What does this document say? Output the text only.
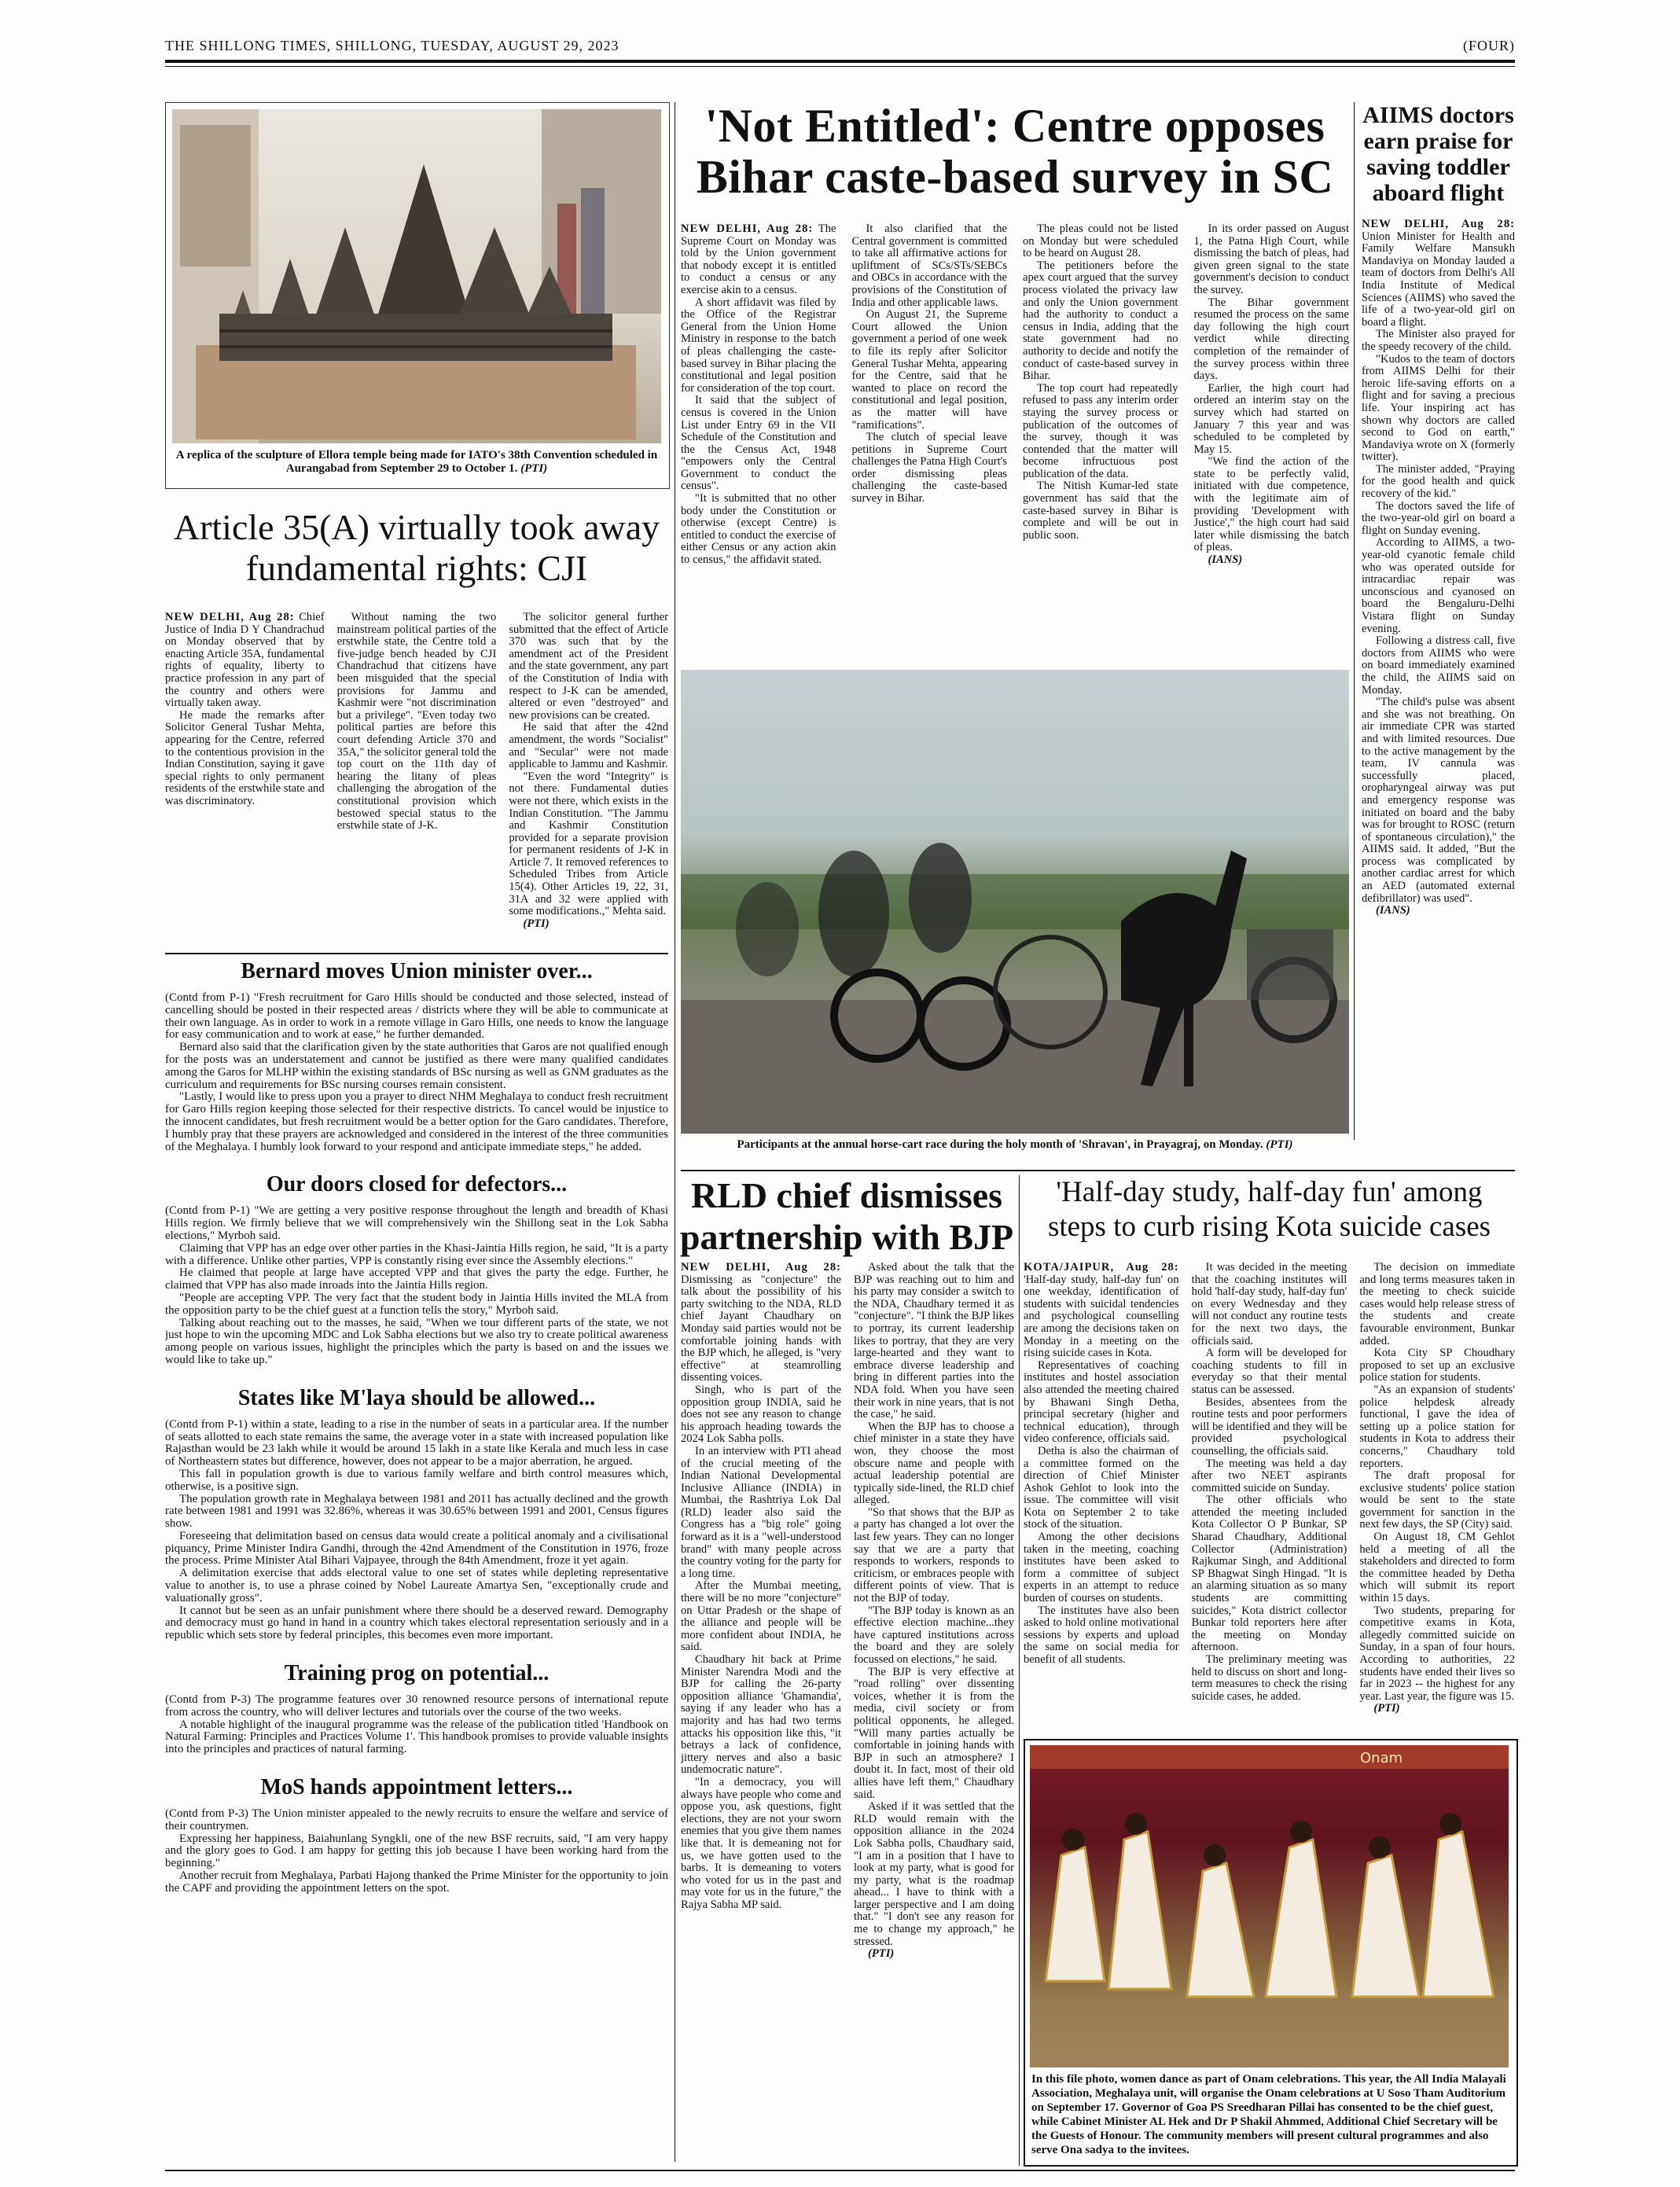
THE SHILLONG TIMES, SHILLONG, TUESDAY, AUGUST 29, 2023	(FOUR)
A replica of the sculpture of Ellora temple being made for IATO's 38th Convention scheduled in Aurangabad from September 29 to October 1. (PTI)
Article 35(A) virtually took away fundamental rights: CJI

NEW DELHI, Aug 28: Chief Justice of India D Y Chandrachud on Monday observed that by enacting Article 35A, fundamental rights of equality, liberty to practice profession in any part of the country and others were virtually taken away.

He made the remarks after Solicitor General Tushar Mehta, appearing for the Centre, referred to the contentious provision in the Indian Constitution, saying it gave special rights to only permanent residents of the erstwhile state and was discriminatory.

Without naming the two mainstream political parties of the erstwhile state, the Centre told a five-judge bench headed by CJI Chandrachud that citizens have been misguided that the special provisions for Jammu and Kashmir were "not discrimination but a privilege". "Even today two political parties are before this court defending Article 370 and 35A," the solicitor general told the top court on the 11th day of hearing the litany of pleas challenging the abrogation of the constitutional provision which bestowed special status to the erstwhile state of J-K.

The solicitor general further submitted that the effect of Article 370 was such that by the amendment act of the President and the state government, any part of the Constitution of India with respect to J-K can be amended, altered or even "destroyed" and new provisions can be created.

He said that after the 42nd amendment, the words "Socialist" and "Secular" were not made applicable to Jammu and Kashmir.

"Even the word "Integrity" is not there. Fundamental duties were not there, which exists in the Indian Constitution. "The Jammu and Kashmir Constitution provided for a separate provision for permanent residents of J-K in Article 7. It removed references to Scheduled Tribes from Article 15(4). Other Articles 19, 22, 31, 31A and 32 were applied with some modifications.," Mehta said.

(PTI)

Bernard moves Union minister over...

(Contd from P-1) "Fresh recruitment for Garo Hills should be conducted and those selected, instead of cancelling should be posted in their respected areas / districts where they will be able to communicate at their own language. As in order to work in a remote village in Garo Hills, one needs to know the language for easy communication and to work at ease," he further demanded.

Bernard also said that the clarification given by the state authorities that Garos are not qualified enough for the posts was an understatement and cannot be justified as there were many qualified candidates among the Garos for MLHP within the existing standards of BSc nursing as well as GNM graduates as the curriculum and requirements for BSc nursing courses remain consistent.

"Lastly, I would like to press upon you a prayer to direct NHM Meghalaya to conduct fresh recruitment for Garo Hills region keeping those selected for their respective districts. To cancel would be injustice to the innocent candidates, but fresh recruitment would be a better option for the Garo candidates. Therefore, I humbly pray that these prayers are acknowledged and considered in the interest of the three communities of the Meghalaya. I humbly look forward to your respond and anticipate immediate steps," he added.

Our doors closed for defectors...

(Contd from P-1) "We are getting a very positive response throughout the length and breadth of Khasi Hills region. We firmly believe that we will comprehensively win the Shillong seat in the Lok Sabha elections," Myrboh said.

Claiming that VPP has an edge over other parties in the Khasi-Jaintia Hills region, he said, "It is a party with a difference. Unlike other parties, VPP is constantly rising ever since the Assembly elections."

He claimed that people at large have accepted VPP and that gives the party the edge. Further, he claimed that VPP has also made inroads into the Jaintia Hills region.

"People are accepting VPP. The very fact that the student body in Jaintia Hills invited the MLA from the opposition party to be the chief guest at a function tells the story," Myrboh said.

Talking about reaching out to the masses, he said, "When we tour different parts of the state, we not just hope to win the upcoming MDC and Lok Sabha elections but we also try to create political awareness among people on various issues, highlight the principles which the party is based on and the issues we would like to take up."

States like M'laya should be allowed...

(Contd from P-1) within a state, leading to a rise in the number of seats in a particular area. If the number of seats allotted to each state remains the same, the average voter in a state with increased population like Rajasthan would be 23 lakh while it would be around 15 lakh in a state like Kerala and much less in case of Northeastern states but difference, however, does not appear to be a major aberration, he argued.

This fall in population growth is due to various family welfare and birth control measures which, otherwise, is a positive sign.

The population growth rate in Meghalaya between 1981 and 2011 has actually declined and the growth rate between 1981 and 1991 was 32.86%, whereas it was 30.65% between 1991 and 2001, Census figures show.

Foreseeing that delimitation based on census data would create a political anomaly and a civilisational piquancy, Prime Minister Indira Gandhi, through the 42nd Amendment of the Constitution in 1976, froze the process. Prime Minister Atal Bihari Vajpayee, through the 84th Amendment, froze it yet again.

A delimitation exercise that adds electoral value to one set of states while depleting representative value to another is, to use a phrase coined by Nobel Laureate Amartya Sen, "exceptionally crude and valuationally gross".

It cannot but be seen as an unfair punishment where there should be a deserved reward. Demography and democracy must go hand in hand in a country which takes electoral representation seriously and in a republic which sets store by federal principles, this becomes even more important.

Training prog on potential...

(Contd from P-3) The programme features over 30 renowned resource persons of international repute from across the country, who will deliver lectures and tutorials over the course of the two weeks.

A notable highlight of the inaugural programme was the release of the publication titled 'Handbook on Natural Farming: Principles and Practices Volume 1'. This handbook promises to provide valuable insights into the principles and practices of natural farming.

MoS hands appointment letters...

(Contd from P-3) The Union minister appealed to the newly recruits to ensure the welfare and service of their countrymen.

Expressing her happiness, Baiahunlang Syngkli, one of the new BSF recruits, said, "I am very happy and the glory goes to God. I am happy for getting this job because I have been working hard from the beginning."

Another recruit from Meghalaya, Parbati Hajong thanked the Prime Minister for the opportunity to join the CAPF and providing the appointment letters on the spot.

'Not Entitled': Centre opposes
Bihar caste-based survey in SC

NEW DELHI, Aug 28: The Supreme Court on Monday was told by the Union government that nobody except it is entitled to conduct a census or any exercise akin to a census.

A short affidavit was filed by the Office of the Registrar General from the Union Home Ministry in response to the batch of pleas challenging the caste-based survey in Bihar placing the constitutional and legal position for consideration of the top court.

It said that the subject of census is covered in the Union List under Entry 69 in the VII Schedule of the Constitution and the the Census Act, 1948 "empowers only the Central Government to conduct the census".

"It is submitted that no other body under the Constitution or otherwise (except Centre) is entitled to conduct the exercise of either Census or any action akin to census," the affidavit stated.

It also clarified that the Central government is committed to take all affirmative actions for upliftment of SCs/STs/SEBCs and OBCs in accordance with the provisions of the Constitution of India and other applicable laws.

On August 21, the Supreme Court allowed the Union government a period of one week to file its reply after Solicitor General Tushar Mehta, appearing for the Centre, said that he wanted to place on record the constitutional and legal position, as the matter will have "ramifications".

The clutch of special leave petitions in Supreme Court challenges the Patna High Court's order dismissing pleas challenging the caste-based survey in Bihar.

The pleas could not be listed on Monday but were scheduled to be heard on August 28.

The petitioners before the apex court argued that the survey process violated the privacy law and only the Union government had the authority to conduct a census in India, adding that the state government had no authority to decide and notify the conduct of caste-based survey in Bihar.

The top court had repeatedly refused to pass any interim order staying the survey process or publication of the outcomes of the survey, though it was contended that the matter will become infructuous post publication of the data.

The Nitish Kumar-led state government has said that the caste-based survey in Bihar is complete and will be out in public soon.

In its order passed on August 1, the Patna High Court, while dismissing the batch of pleas, had given green signal to the state government's decision to conduct the survey.

The Bihar government resumed the process on the same day following the high court verdict while directing completion of the remainder of the survey process within three days.

Earlier, the high court had ordered an interim stay on the survey which had started on January 7 this year and was scheduled to be completed by May 15.

"We find the action of the state to be perfectly valid, initiated with due competence, with the legitimate aim of providing 'Development with Justice'," the high court had said later while dismissing the batch of pleas.

(IANS)

Participants at the annual horse-cart race during the holy month of 'Shravan', in Prayagraj, on Monday. (PTI)
AIIMS doctors earn praise for saving toddler aboard flight

NEW DELHI, Aug 28: Union Minister for Health and Family Welfare Mansukh Mandaviya on Monday lauded a team of doctors from Delhi's All India Institute of Medical Sciences (AIIMS) who saved the life of a two-year-old girl on board a flight.

The Minister also prayed for the speedy recovery of the child.

"Kudos to the team of doctors from AIIMS Delhi for their heroic life-saving efforts on a flight and for saving a precious life. Your inspiring act has shown why doctors are called second to God on earth," Mandaviya wrote on X (formerly twitter).

The minister added, "Praying for the good health and quick recovery of the kid."

The doctors saved the life of the two-year-old girl on board a flight on Sunday evening.

According to AIIMS, a two-year-old cyanotic female child who was operated outside for intracardiac repair was unconscious and cyanosed on board the Bengaluru-Delhi Vistara flight on Sunday evening.

Following a distress call, five doctors from AIIMS who were on board immediately examined the child, the AIIMS said on Monday.

"The child's pulse was absent and she was not breathing. On air immediate CPR was started and with limited resources. Due to the active management by the team, IV cannula was successfully placed, oropharyngeal airway was put and emergency response was initiated on board and the baby was for brought to ROSC (return of spontaneous circulation)," the AIIMS said. It added, "But the process was complicated by another cardiac arrest for which an AED (automated external defibrillator) was used".

(IANS)

RLD chief dismisses partnership with BJP

NEW DELHI, Aug 28: Dismissing as "conjecture" the talk about the possibility of his party switching to the NDA, RLD chief Jayant Chaudhary on Monday said parties would not be comfortable joining hands with the BJP which, he alleged, is "very effective" at steamrolling dissenting voices.

Singh, who is part of the opposition group INDIA, said he does not see any reason to change his approach heading towards the 2024 Lok Sabha polls.

In an interview with PTI ahead of the crucial meeting of the Indian National Developmental Inclusive Alliance (INDIA) in Mumbai, the Rashtriya Lok Dal (RLD) leader also said the Congress has a "big role" going forward as it is a "well-understood brand" with many people across the country voting for the party for a long time.

After the Mumbai meeting, there will be no more "conjecture" on Uttar Pradesh or the shape of the alliance and people will be more confident about INDIA, he said.

Chaudhary hit back at Prime Minister Narendra Modi and the BJP for calling the 26-party opposition alliance 'Ghamandia', saying if any leader who has a majority and has had two terms attacks his opposition like this, "it betrays a lack of confidence, jittery nerves and also a basic undemocratic nature".

"In a democracy, you will always have people who come and oppose you, ask questions, fight elections, they are not your sworn enemies that you give them names like that. It is demeaning not for us, we have gotten used to the barbs. It is demeaning to voters who voted for us in the past and may vote for us in the future," the Rajya Sabha MP said.

Asked about the talk that the BJP was reaching out to him and his party may consider a switch to the NDA, Chaudhary termed it as "conjecture". "I think the BJP likes to portray, its current leadership likes to portray, that they are very large-hearted and they want to embrace diverse leadership and bring in different parties into the NDA fold. When you have seen their work in nine years, that is not the case," he said.

When the BJP has to choose a chief minister in a state they have won, they choose the most obscure name and people with actual leadership potential are typically side-lined, the RLD chief alleged.

"So that shows that the BJP as a party has changed a lot over the last few years. They can no longer say that we are a party that responds to workers, responds to criticism, or embraces people with different points of view. That is not the BJP of today.

"The BJP today is known as an effective election machine...they have captured institutions across the board and they are solely focussed on elections," he said.

The BJP is very effective at "road rolling" over dissenting voices, whether it is from the media, civil society or from political opponents, he alleged. "Will many parties actually be comfortable in joining hands with BJP in such an atmosphere? I doubt it. In fact, most of their old allies have left them," Chaudhary said.

Asked if it was settled that the RLD would remain with the opposition alliance in the 2024 Lok Sabha polls, Chaudhary said, "I am in a position that I have to look at my party, what is good for my party, what is the roadmap ahead... I have to think with a larger perspective and I am doing that." "I don't see any reason for me to change my approach," he stressed.

(PTI)

'Half-day study, half-day fun' among
steps to curb rising Kota suicide cases

KOTA/JAIPUR, Aug 28: 'Half-day study, half-day fun' on one weekday, identification of students with suicidal tendencies and psychological counselling are among the decisions taken on Monday in a meeting on the rising suicide cases in Kota.

Representatives of coaching institutes and hostel association also attended the meeting chaired by Bhawani Singh Detha, principal secretary (higher and technical education), through video conference, officials said.

Detha is also the chairman of a committee formed on the direction of Chief Minister Ashok Gehlot to look into the issue. The committee will visit Kota on September 2 to take stock of the situation.

Among the other decisions taken in the meeting, coaching institutes have been asked to form a committee of subject experts in an attempt to reduce burden of courses on students.

The institutes have also been asked to hold online motivational sessions by experts and upload the same on social media for benefit of all students.

It was decided in the meeting that the coaching institutes will hold 'half-day study, half-day fun' on every Wednesday and they will not conduct any routine tests for the next two days, the officials said.

A form will be developed for coaching students to fill in everyday so that their mental status can be assessed.

Besides, absentees from the routine tests and poor performers will be identified and they will be provided psychological counselling, the officials said.

The meeting was held a day after two NEET aspirants committed suicide on Sunday.

The other officials who attended the meeting included Kota Collector O P Bunkar, SP Sharad Chaudhary, Additional Collector (Administration) Rajkumar Singh, and Additional SP Bhagwat Singh Hingad. "It is an alarming situation as so many students are committing suicides," Kota district collector Bunkar told reporters here after the meeting on Monday afternoon.

The preliminary meeting was held to discuss on short and long-term measures to check the rising suicide cases, he added.

The decision on immediate and long terms measures taken in the meeting to check suicide cases would help release stress of the students and create favourable environment, Bunkar added.

Kota City SP Choudhary proposed to set up an exclusive police station for students.

"As an expansion of students' police helpdesk already functional, I gave the idea of setting up a police station for students in Kota to address their concerns," Chaudhary told reporters.

The draft proposal for exclusive students' police station would be sent to the state government for sanction in the next few days, the SP (City) said.

On August 18, CM Gehlot held a meeting of all the stakeholders and directed to form the committee headed by Detha which will submit its report within 15 days.

Two students, preparing for competitive exams in Kota, allegedly committed suicide on Sunday, in a span of four hours. According to authorities, 22 students have ended their lives so far in 2023 -- the highest for any year. Last year, the figure was 15.

(PTI)

Onam
In this file photo, women dance as part of Onam celebrations. This year, the All India Malayali Association, Meghalaya unit, will organise the Onam celebrations at U Soso Tham Auditorium on September 17. Governor of Goa PS Sreedharan Pillai has consented to be the chief guest, while Cabinet Minister AL Hek and Dr P Shakil Ahmmed, Additional Chief Secretary will be the Guests of Honour. The community members will present cultural programmes and also serve Ona sadya to the invitees.
